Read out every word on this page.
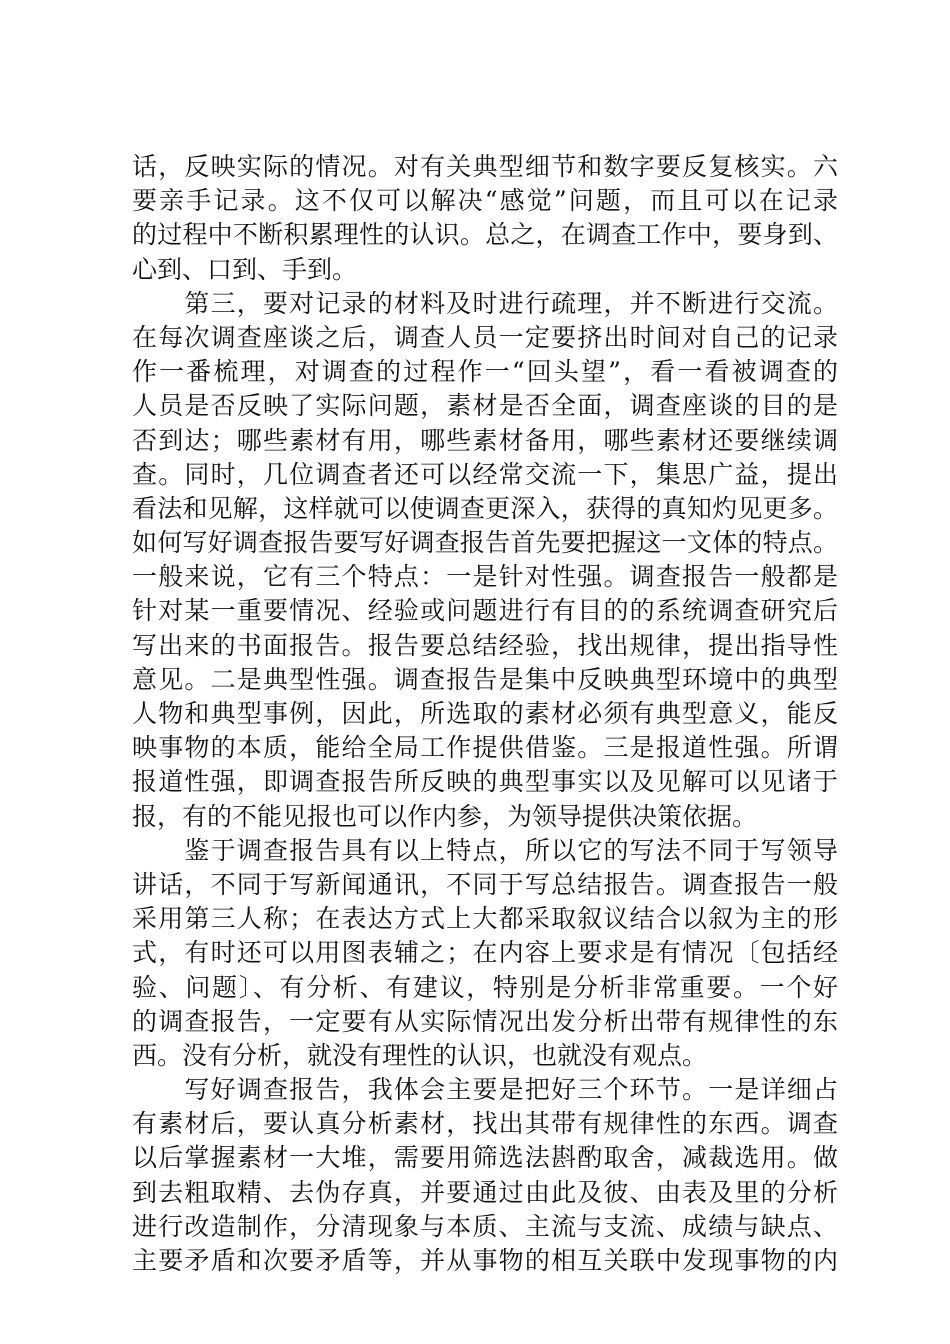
话，反映实际的情况。对有关典型细节和数字要反复核实。六
要亲手记录。这不仅可以解决“感觉”问题，而且可以在记录
的过程中不断积累理性的认识。总之，在调查工作中，要身到、
心到、口到、手到。
　　第三，要对记录的材料及时进行疏理，并不断进行交流。
在每次调查座谈之后，调查人员一定要挤出时间对自己的记录
作一番梳理，对调查的过程作一“回头望”，看一看被调查的
人员是否反映了实际问题，素材是否全面，调查座谈的目的是
否到达；哪些素材有用，哪些素材备用，哪些素材还要继续调
查。同时，几位调查者还可以经常交流一下，集思广益，提出
看法和见解，这样就可以使调查更深入，获得的真知灼见更多。
如何写好调查报告要写好调查报告首先要把握这一文体的特点。
一般来说，它有三个特点：一是针对性强。调查报告一般都是
针对某一重要情况、经验或问题进行有目的的系统调查研究后
写出来的书面报告。报告要总结经验，找出规律，提出指导性
意见。二是典型性强。调查报告是集中反映典型环境中的典型
人物和典型事例，因此，所选取的素材必须有典型意义，能反
映事物的本质，能给全局工作提供借鉴。三是报道性强。所谓
报道性强，即调查报告所反映的典型事实以及见解可以见诸于
报，有的不能见报也可以作内参，为领导提供决策依据。
　　鉴于调查报告具有以上特点，所以它的写法不同于写领导
讲话，不同于写新闻通讯，不同于写总结报告。调查报告一般
采用第三人称；在表达方式上大都采取叙议结合以叙为主的形
式，有时还可以用图表辅之；在内容上要求是有情况〔包括经
验、问题〕、有分析、有建议，特别是分析非常重要。一个好
的调查报告，一定要有从实际情况出发分析出带有规律性的东
西。没有分析，就没有理性的认识，也就没有观点。
　　写好调查报告，我体会主要是把好三个环节。一是详细占
有素材后，要认真分析素材，找出其带有规律性的东西。调查
以后掌握素材一大堆，需要用筛选法斟酌取舍，减裁选用。做
到去粗取精、去伪存真，并要通过由此及彼、由表及里的分析
进行改造制作，分清现象与本质、主流与支流、成绩与缺点、
主要矛盾和次要矛盾等，并从事物的相互关联中发现事物的内
